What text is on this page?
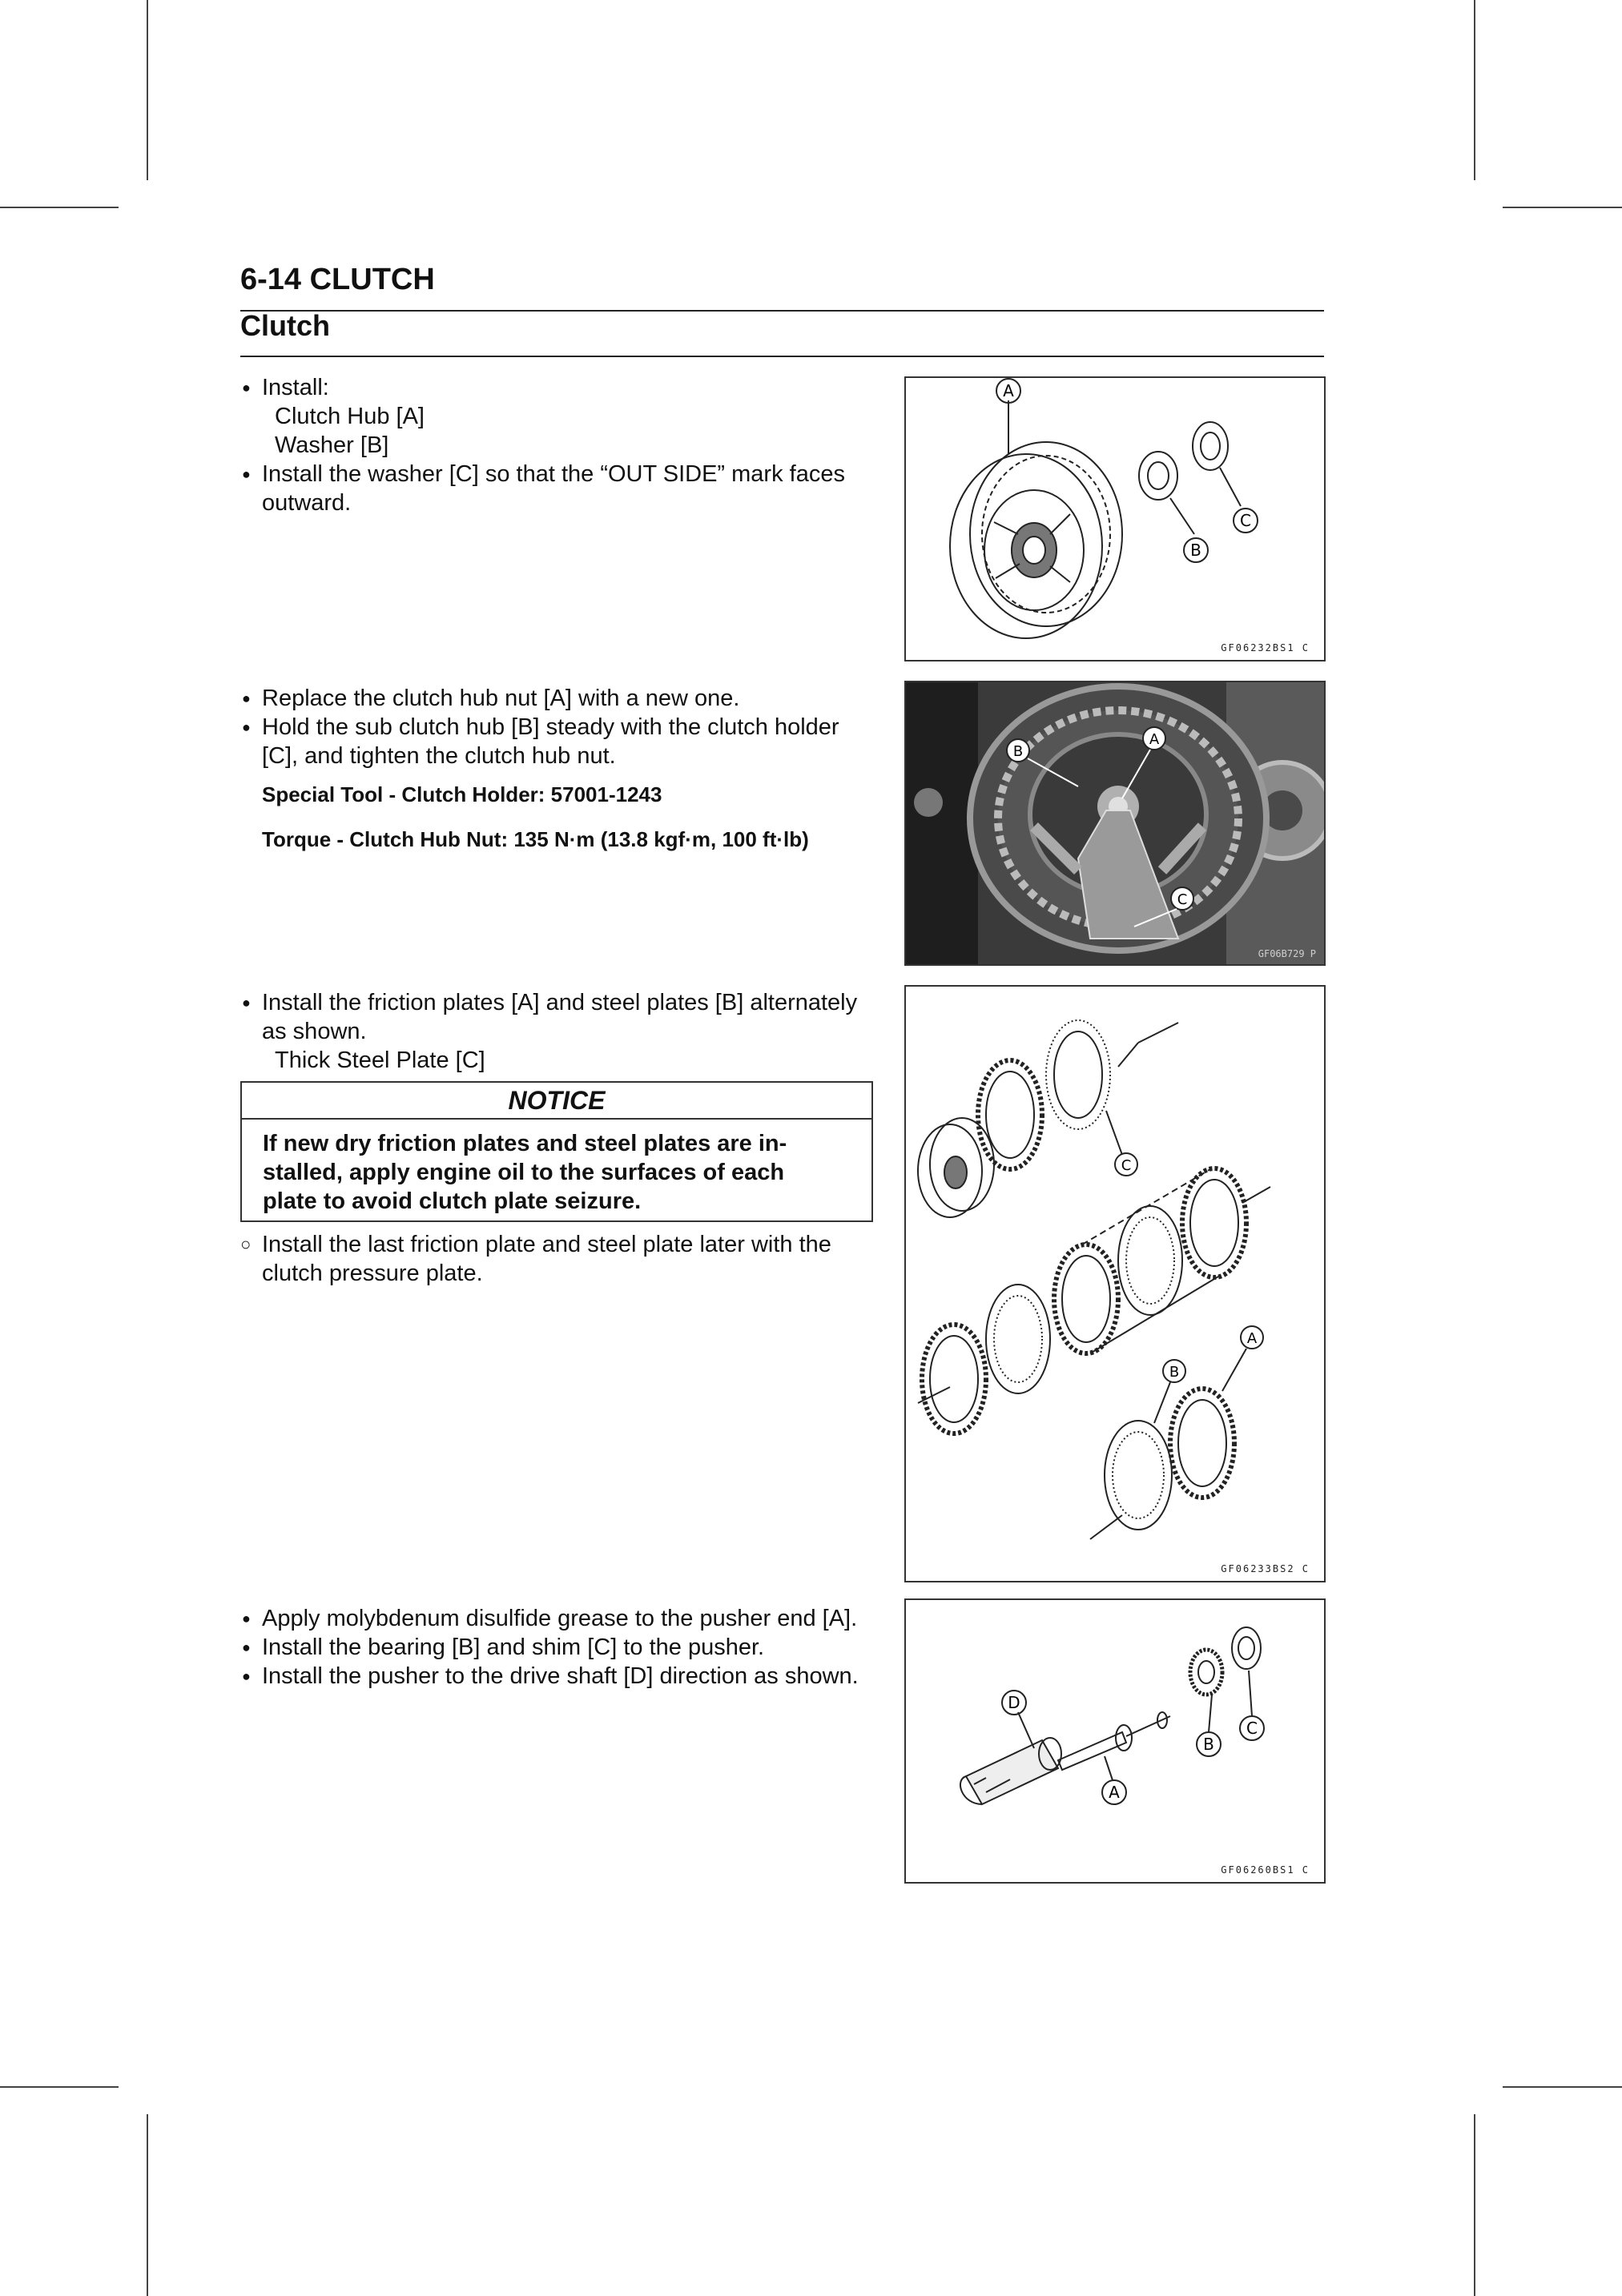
6-14 CLUTCH
Clutch
● Install:
Clutch Hub [A]
Washer [B]
● Install the washer [C] so that the “OUT SIDE” mark faces
outward.
A
B
C
GF06232BS1 C
● Replace the clutch hub nut [A] with a new one.
● Hold the sub clutch hub [B] steady with the clutch holder
[C], and tighten the clutch hub nut.
Special Tool - Clutch Holder: 57001-1243
Torque - Clutch Hub Nut: 135 N·m (13.8 kgf·m, 100 ft·lb)
A
B
C
GF06B729 P
● Install the friction plates [A] and steel plates [B] alternately
as shown.
Thick Steel Plate [C]
NOTICE
If new dry friction plates and steel plates are in-
stalled, apply engine oil to the surfaces of each
plate to avoid clutch plate seizure.
○ Install the last friction plate and steel plate later with the
clutch pressure plate.
C
A
B
GF06233BS2 C
● Apply molybdenum disulfide grease to the pusher end [A].
● Install the bearing [B] and shim [C] to the pusher.
● Install the pusher to the drive shaft [D] direction as shown.
D
A
B
C
GF06260BS1 C
